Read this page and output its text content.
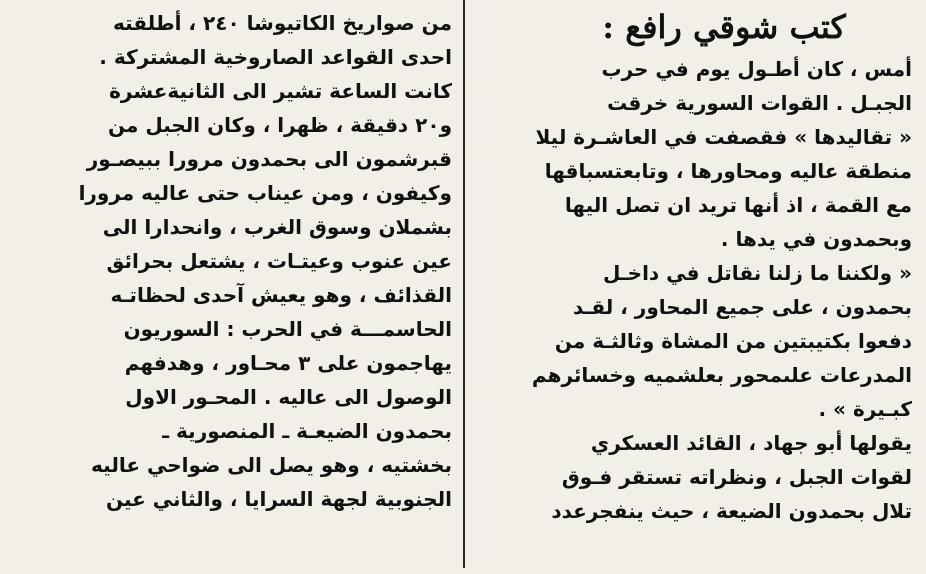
كتب شوقي رافع :
أمس ، كان أطـول يوم في حرب
الجبـل . القوات السورية خرقت
« تقاليدها » فقصفت في العاشـرة ليلا
منطقة عاليه ومحاورها ، وتابعتسباقها
مع القمة ، اذ أنها تريد ان تصل اليها
وبحمدون في يدها .
« ولكننا ما زلنا نقاتل في داخـل
بحمدون ، على جميع المحاور ، لقـد
دفعوا بكتيبتين من المشاة وثالثـة من
المدرعات علىمحور بعلشميه وخسائرهم
كبـيرة » .
يقولها أبو جهاد ، القائد العسكري
لقوات الجبل ، ونظراته تستقر فـوق
تلال بحمدون الضيعة ، حيث ينفجرعدد
من صواريخ الكاتيوشا ٢٤٠ ، أطلقته
احدى القواعد الصاروخية المشتركة .
كانت الساعة تشير الى الثانيةعشرة
و٢٠ دقيقة ، ظهرا ، وكان الجبل من
قبرشمون الى بحمدون مرورا ببيصـور
وكيفون ، ومن عيناب حتى عاليه مرورا
بشملان وسوق الغرب ، وانحدارا الى
عين عنوب وعيتـات ، يشتعل بحرائق
القذائف ، وهو يعيش آحدى لحظاتـه
الحاسمـــة في الحرب : السوريون
يهاجمون على ٣ محـاور ، وهدفهم
الوصول الى عاليه . المحـور الاول
بحمدون الضيعـة ـ المنصورية ـ
بخشتيه ، وهو يصل الى ضواحي عاليه
الجنوبية لجهة السرايا ، والثاني عين
